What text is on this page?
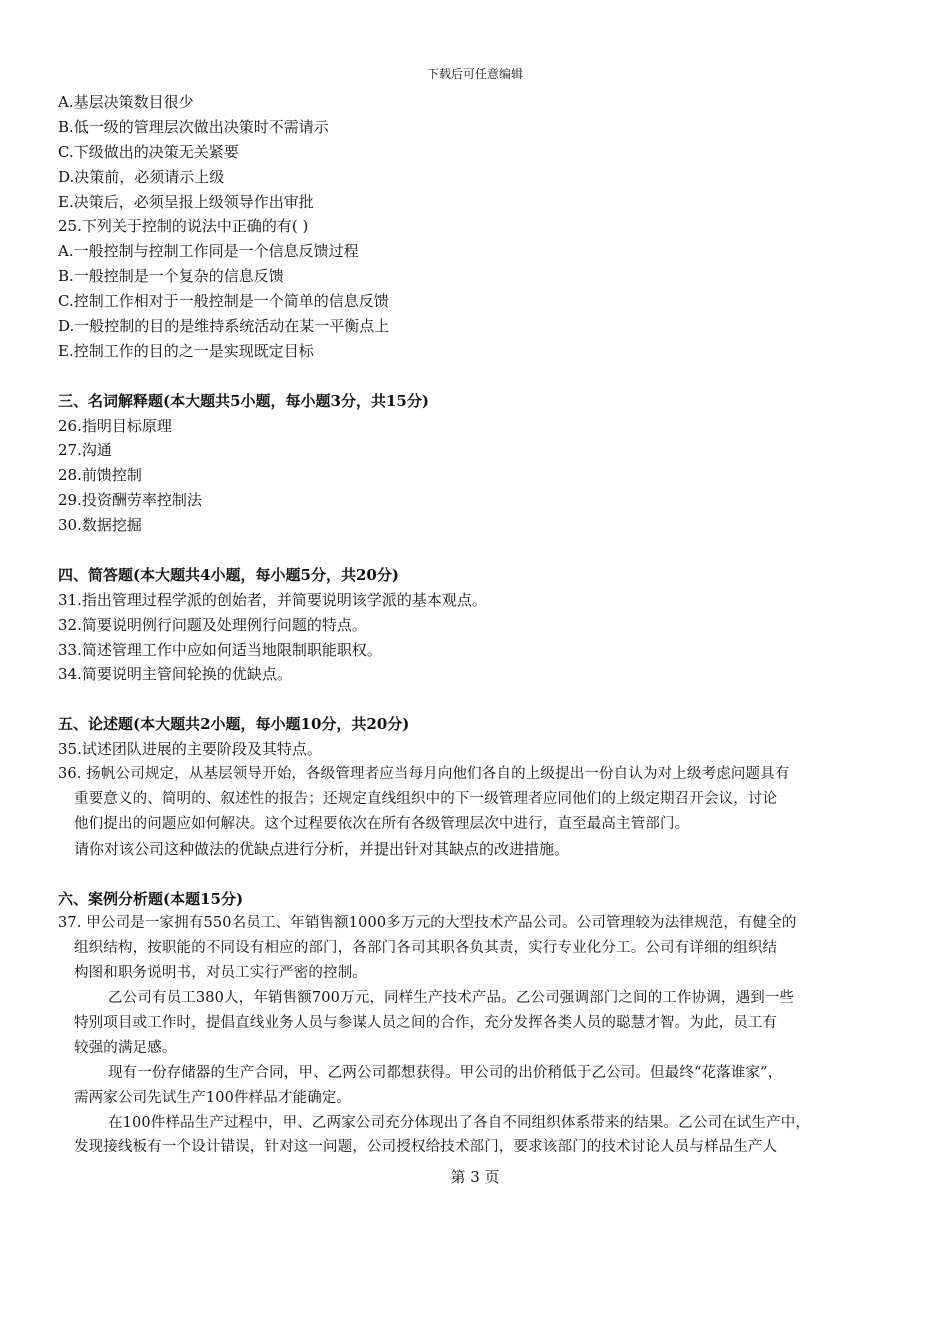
下载后可任意编辑
A.基层决策数目很少
B.低一级的管理层次做出决策时不需请示
C.下级做出的决策无关紧要
D.决策前，必须请示上级
E.决策后，必须呈报上级领导作出审批
25.下列关于控制的说法中正确的有( )
A.一般控制与控制工作同是一个信息反馈过程
B.一般控制是一个复杂的信息反馈
C.控制工作相对于一般控制是一个简单的信息反馈
D.一般控制的目的是维持系统活动在某一平衡点上
E.控制工作的目的之一是实现既定目标
三、名词解释题(本大题共5小题，每小题3分，共15分)
26.指明目标原理
27.沟通
28.前馈控制
29.投资酬劳率控制法
30.数据挖掘
四、简答题(本大题共4小题，每小题5分，共20分)
31.指出管理过程学派的创始者，并简要说明该学派的基本观点。
32.简要说明例行问题及处理例行问题的特点。
33.简述管理工作中应如何适当地限制职能职权。
34.简要说明主管间轮换的优缺点。
五、论述题(本大题共2小题，每小题10分，共20分)
35.试述团队进展的主要阶段及其特点。
36. 扬帆公司规定，从基层领导开始，各级管理者应当每月向他们各自的上级提出一份自认为对上级考虑问题具有
重要意义的、简明的、叙述性的报告；还规定直线组织中的下一级管理者应同他们的上级定期召开会议，讨论
他们提出的问题应如何解决。这个过程要依次在所有各级管理层次中进行，直至最高主管部门。
请你对该公司这种做法的优缺点进行分析，并提出针对其缺点的改进措施。
六、案例分析题(本题15分)
37. 甲公司是一家拥有550名员工、年销售额1000多万元的大型技术产品公司。公司管理较为法律规范，有健全的
组织结构，按职能的不同设有相应的部门，各部门各司其职各负其责，实行专业化分工。公司有详细的组织结
构图和职务说明书，对员工实行严密的控制。
乙公司有员工380人，年销售额700万元，同样生产技术产品。乙公司强调部门之间的工作协调，遇到一些
特别项目或工作时，提倡直线业务人员与参谋人员之间的合作，充分发挥各类人员的聪慧才智。为此，员工有
较强的满足感。
现有一份存储器的生产合同，甲、乙两公司都想获得。甲公司的出价稍低于乙公司。但最终“花落谁家”，
需两家公司先试生产100件样品才能确定。
在100件样品生产过程中，甲、乙两家公司充分体现出了各自不同组织体系带来的结果。乙公司在试生产中，
发现接线板有一个设计错误，针对这一问题，公司授权给技术部门，要求该部门的技术讨论人员与样品生产人
第 3 页
